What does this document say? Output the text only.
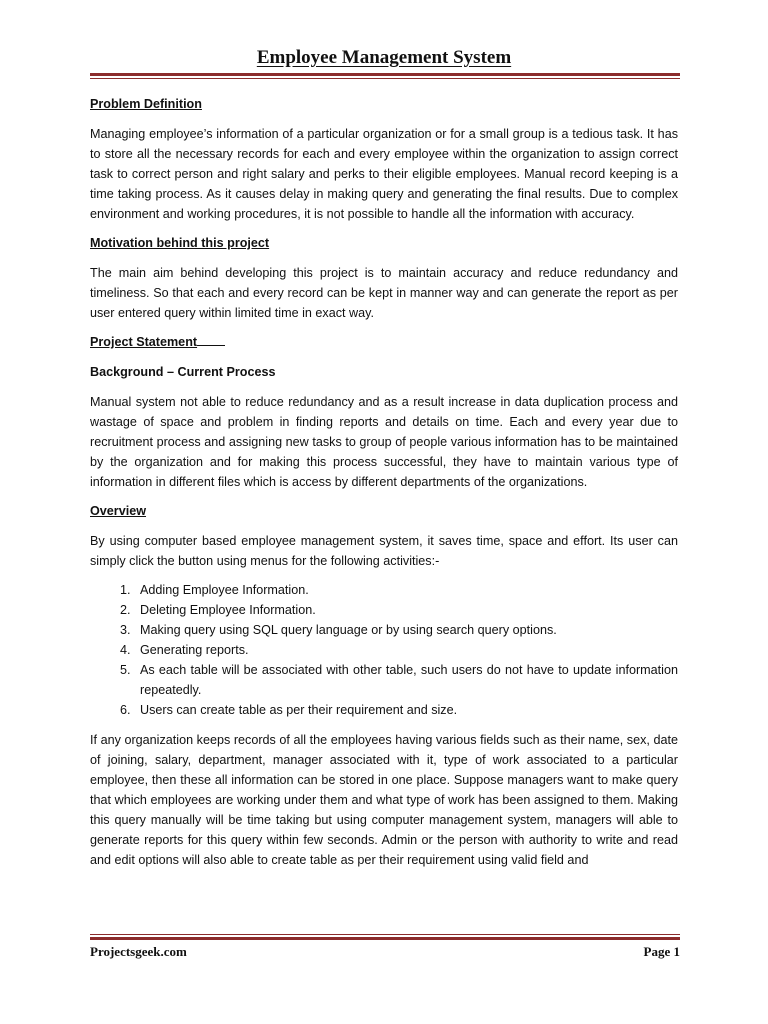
Employee Management System
Problem Definition

Managing employee’s information of a particular organization or for a small group is a tedious task. It has to store all the necessary records for each and every employee within the organization to assign correct task to correct person and right salary and perks to their eligible employees. Manual record keeping is a time taking process. As it causes delay in making query and generating the final results. Due to complex environment and working procedures, it is not possible to handle all the information with accuracy.

Motivation behind this project

The main aim behind developing this project is to maintain accuracy and reduce redundancy and timeliness. So that each and every record can be kept in manner way and can generate the report as per user entered query within limited time in exact way.

Project Statement
Background – Current Process

Manual system not able to reduce redundancy and as a result increase in data duplication process and wastage of space and problem in finding reports and details on time. Each and every year due to recruitment process and assigning new tasks to group of people various information has to be maintained by the organization and for making this process successful, they have to maintain various type of information in different files which is access by different departments of the organizations.

Overview

By using computer based employee management system, it saves time, space and effort. Its user can simply click the button using menus for the following activities:-

1. Adding Employee Information.
2. Deleting Employee Information.
3. Making query using SQL query language or by using search query options.
4. Generating reports.
5. As each table will be associated with other table, such users do not have to update information repeatedly.
6. Users can create table as per their requirement and size.

If any organization keeps records of all the employees having various fields such as their name, sex, date of joining, salary, department, manager associated with it, type of work associated to a particular employee, then these all information can be stored in one place. Suppose managers want to make query that which employees are working under them and what type of work has been assigned to them. Making this query manually will be time taking but using computer management system, managers will able to generate reports for this query within few seconds. Admin or the person with authority to write and read and edit options will also able to create table as per their requirement using valid field and

Projectsgeek.com	Page 1
